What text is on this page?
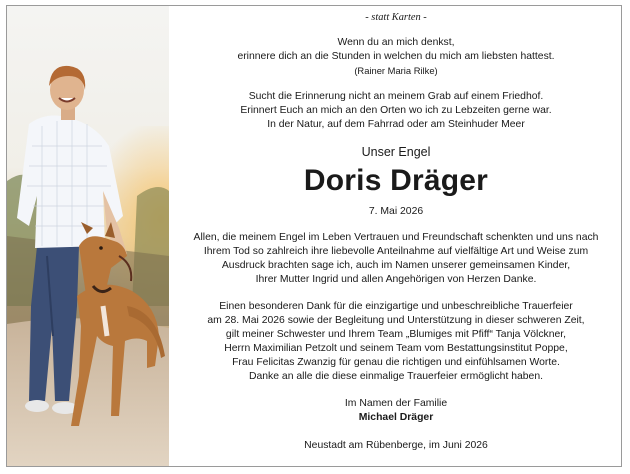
- statt Karten -
Wenn du an mich denkst,
erinnere dich an die Stunden in welchen du mich am liebsten hattest.
(Rainer Maria Rilke)
Sucht die Erinnerung nicht an meinem Grab auf einem Friedhof.
Erinnert Euch an mich an den Orten wo ich zu Lebzeiten gerne war.
In der Natur, auf dem Fahrrad oder am Steinhuder Meer
Unser Engel
Doris Dräger
7. Mai 2026
Allen, die meinem Engel im Leben Vertrauen und Freundschaft schenkten und uns nach
Ihrem Tod so zahlreich ihre liebevolle Anteilnahme auf vielfältige Art und Weise zum
Ausdruck brachten sage ich, auch im Namen unserer gemeinsamen Kinder,
Ihrer Mutter Ingrid und allen Angehörigen von Herzen Danke.
Einen besonderen Dank für die einzigartige und unbeschreibliche Trauerfeier
am 28. Mai 2026 sowie der Begleitung und Unterstützung in dieser schweren Zeit,
gilt meiner Schwester und Ihrem Team „Blumiges mit Pfiff“ Tanja Völckner,
Herrn Maximilian Petzolt und seinem Team vom Bestattungsinstitut Poppe,
Frau Felicitas Zwanzig für genau die richtigen und einfühlsamen Worte.
Danke an alle die diese einmalige Trauerfeier ermöglicht haben.
Im Namen der Familie
Michael Dräger
Neustadt am Rübenberge, im Juni 2026
